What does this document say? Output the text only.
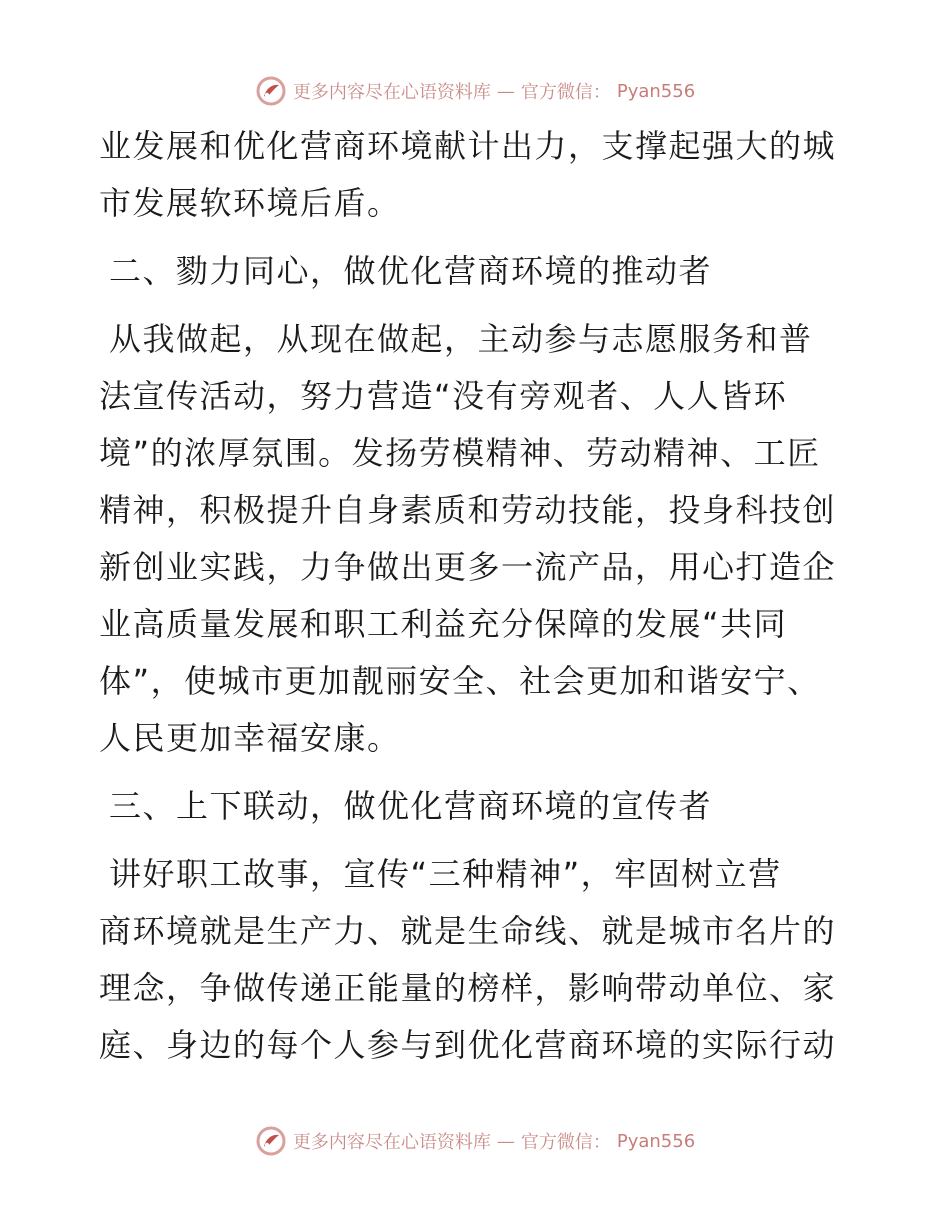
更多内容尽在心语资料库 — 官方微信： Pyan556
业发展和优化营商环境献计出力，支撑起强大的城
市发展软环境后盾。
二、勠力同心，做优化营商环境的推动者
从我做起，从现在做起，主动参与志愿服务和普
法宣传活动，努力营造“没有旁观者、人人皆环
境”的浓厚氛围。发扬劳模精神、劳动精神、工匠
精神，积极提升自身素质和劳动技能，投身科技创
新创业实践，力争做出更多一流产品，用心打造企
业高质量发展和职工利益充分保障的发展“共同
体”，使城市更加靓丽安全、社会更加和谐安宁、
人民更加幸福安康。
三、上下联动，做优化营商环境的宣传者
讲好职工故事，宣传“三种精神”，牢固树立营
商环境就是生产力、就是生命线、就是城市名片的
理念，争做传递正能量的榜样，影响带动单位、家
庭、身边的每个人参与到优化营商环境的实际行动
更多内容尽在心语资料库 — 官方微信： Pyan556
